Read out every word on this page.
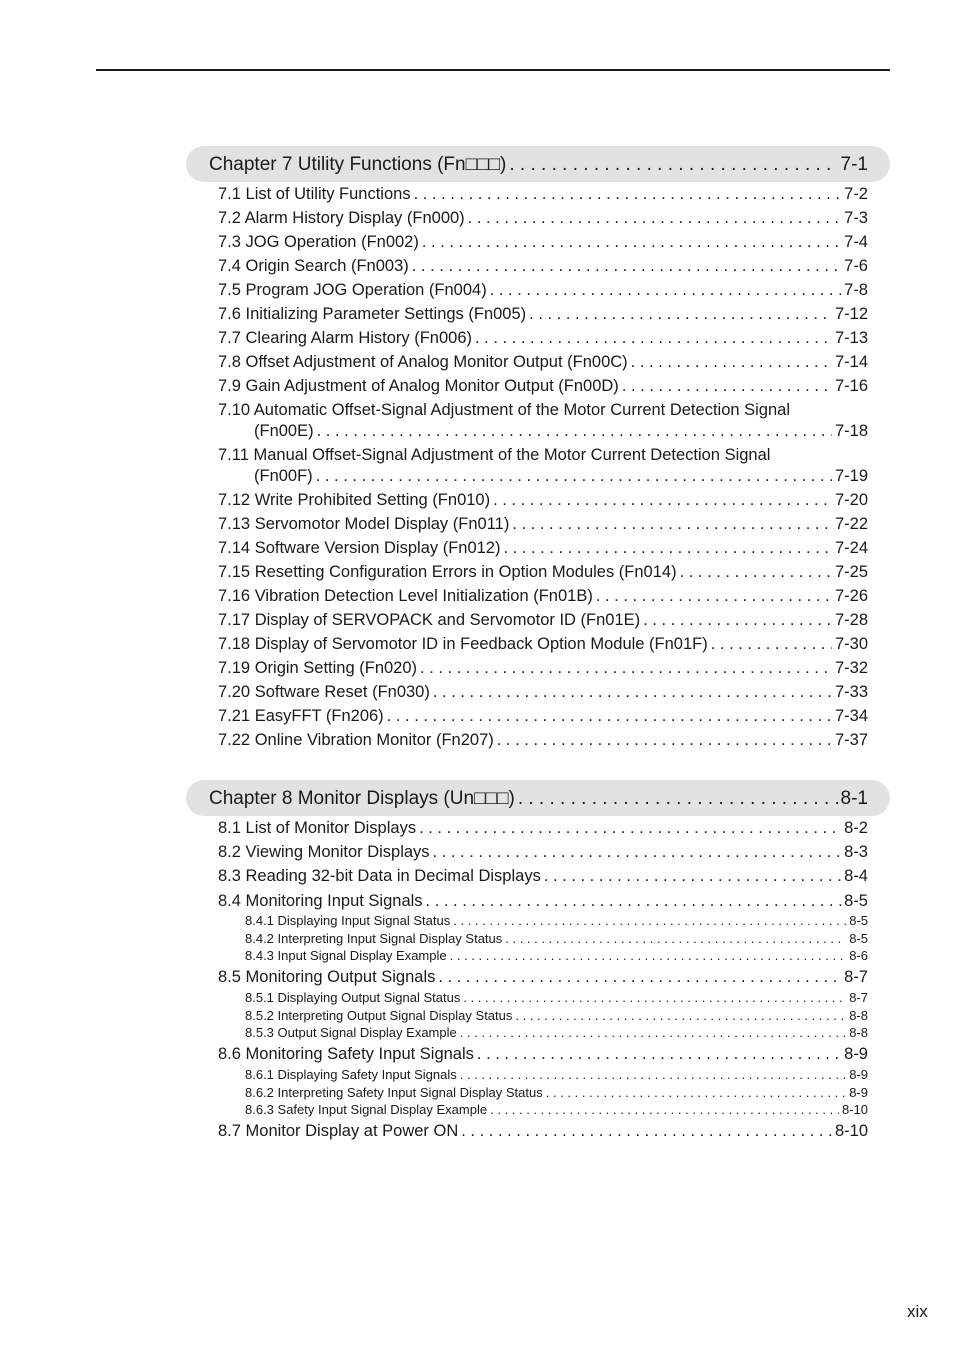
Chapter 7 Utility Functions (Fn□□□) . . .	7-1
7.1 List of Utility Functions . . .	7-2
7.2 Alarm History Display (Fn000) . . .	7-3
7.3 JOG Operation (Fn002) . . .	7-4
7.4 Origin Search (Fn003) . . .	7-6
7.5 Program JOG Operation (Fn004) . . .	7-8
7.6 Initializing Parameter Settings (Fn005) . . .	7-12
7.7 Clearing Alarm History (Fn006) . . .	7-13
7.8 Offset Adjustment of Analog Monitor Output (Fn00C) . . .	7-14
7.9 Gain Adjustment of Analog Monitor Output (Fn00D) . . .	7-16
7.10 Automatic Offset-Signal Adjustment of the Motor Current Detection Signal
(Fn00E) . . .	7-18
7.11 Manual Offset-Signal Adjustment of the Motor Current Detection Signal
(Fn00F) . . .	7-19
7.12 Write Prohibited Setting (Fn010) . . .	7-20
7.13 Servomotor Model Display (Fn011) . . .	7-22
7.14 Software Version Display (Fn012) . . .	7-24
7.15 Resetting Configuration Errors in Option Modules (Fn014) . . .	7-25
7.16 Vibration Detection Level Initialization (Fn01B) . . .	7-26
7.17 Display of SERVOPACK and Servomotor ID (Fn01E) . . .	7-28
7.18 Display of Servomotor ID in Feedback Option Module (Fn01F) . . .	7-30
7.19 Origin Setting (Fn020) . . .	7-32
7.20 Software Reset (Fn030) . . .	7-33
7.21 EasyFFT (Fn206) . . .	7-34
7.22 Online Vibration Monitor (Fn207) . . .	7-37
Chapter 8 Monitor Displays (Un□□□) . . .	8-1
8.1 List of Monitor Displays . . .	8-2
8.2 Viewing Monitor Displays . . .	8-3
8.3 Reading 32-bit Data in Decimal Displays . . .	8-4
8.4 Monitoring Input Signals . . .	8-5
8.4.1 Displaying Input Signal Status . . .	8-5
8.4.2 Interpreting Input Signal Display Status . . .	8-5
8.4.3 Input Signal Display Example . . .	8-6
8.5 Monitoring Output Signals . . .	8-7
8.5.1 Displaying Output Signal Status . . .	8-7
8.5.2 Interpreting Output Signal Display Status . . .	8-8
8.5.3 Output Signal Display Example . . .	8-8
8.6 Monitoring Safety Input Signals . . .	8-9
8.6.1 Displaying Safety Input Signals . . .	8-9
8.6.2 Interpreting Safety Input Signal Display Status . . .	8-9
8.6.3 Safety Input Signal Display Example . . .	8-10
8.7 Monitor Display at Power ON . . .	8-10
xix
